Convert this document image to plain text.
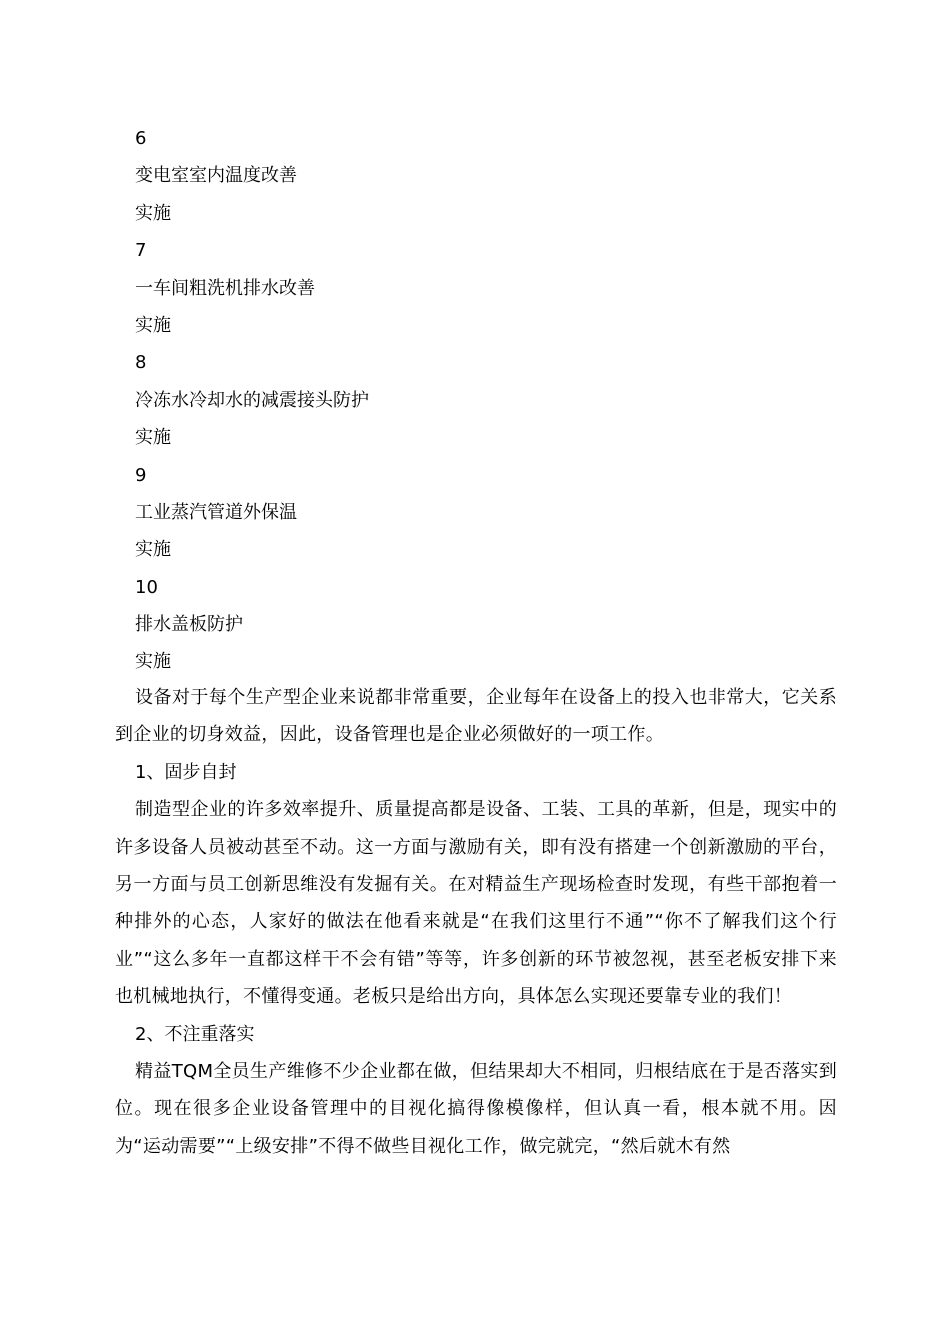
6
变电室室内温度改善
实施
7
一车间粗洗机排水改善
实施
8
冷冻水冷却水的减震接头防护
实施
9
工业蒸汽管道外保温
实施
10
排水盖板防护
实施

设备对于每个生产型企业来说都非常重要，企业每年在设备上的投入也非常大，它关系到企业的切身效益，因此，设备管理也是企业必须做好的一项工作。

1、固步自封

制造型企业的许多效率提升、质量提高都是设备、工装、工具的革新，但是，现实中的许多设备人员被动甚至不动。这一方面与激励有关，即有没有搭建一个创新激励的平台，另一方面与员工创新思维没有发掘有关。在对精益生产现场检查时发现，有些干部抱着一种排外的心态，人家好的做法在他看来就是“在我们这里行不通”“你不了解我们这个行业”“这么多年一直都这样干不会有错”等等，许多创新的环节被忽视，甚至老板安排下来也机械地执行，不懂得变通。老板只是给出方向，具体怎么实现还要靠专业的我们！

2、不注重落实

精益TQM全员生产维修不少企业都在做，但结果却大不相同，归根结底在于是否落实到位。现在很多企业设备管理中的目视化搞得像模像样，但认真一看，根本就不用。因为“运动需要”“上级安排”不得不做些目视化工作，做完就完，“然后就木有然
